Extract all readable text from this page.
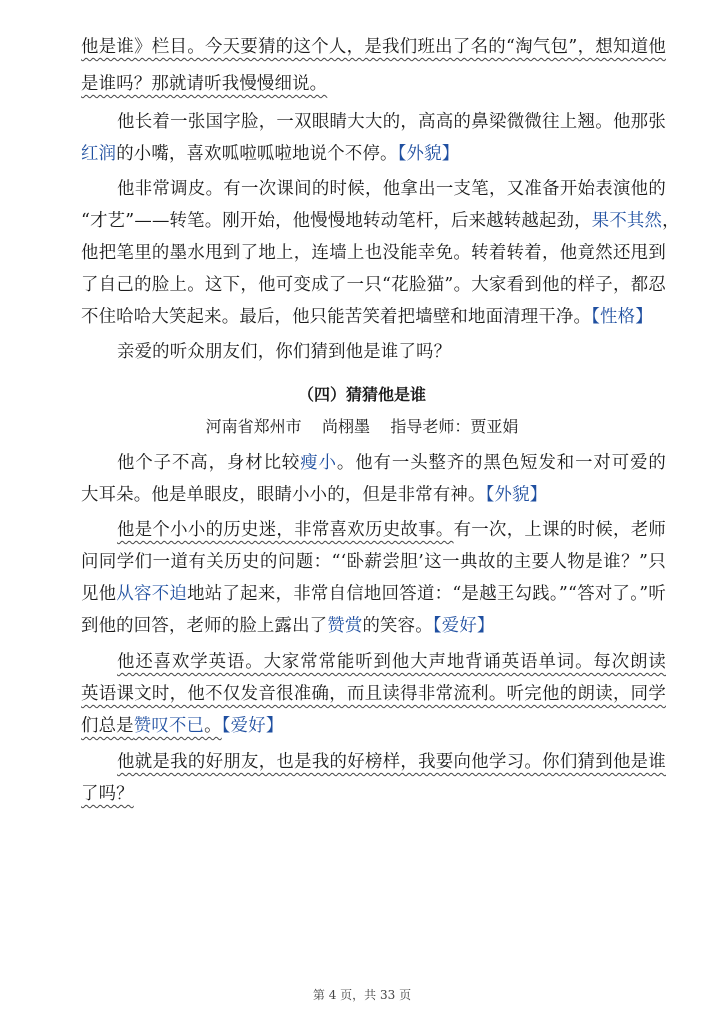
他是谁》栏目。今天要猜的这个人，是我们班出了名的“淘气包”，想知道他
是谁吗？那就请听我慢慢细说。
他长着一张国字脸，一双眼睛大大的，高高的鼻梁微微往上翘。他那张
红润的小嘴，喜欢呱啦呱啦地说个不停。【外貌】
他非常调皮。有一次课间的时候，他拿出一支笔，又准备开始表演他的
“才艺”——转笔。刚开始，他慢慢地转动笔杆，后来越转越起劲，果不其然，
他把笔里的墨水甩到了地上，连墙上也没能幸免。转着转着，他竟然还甩到
了自己的脸上。这下，他可变成了一只“花脸猫”。大家看到他的样子，都忍
不住哈哈大笑起来。最后，他只能苦笑着把墙壁和地面清理干净。【性格】
亲爱的听众朋友们，你们猜到他是谁了吗？
（四）猜猜他是谁
河南省郑州市 尚栩墨 指导老师：贾亚娟
他个子不高，身材比较瘦小。他有一头整齐的黑色短发和一对可爱的
大耳朵。他是单眼皮，眼睛小小的，但是非常有神。【外貌】
他是个小小的历史迷，非常喜欢历史故事。有一次，上课的时候，老师
问同学们一道有关历史的问题：“‘卧薪尝胆’这一典故的主要人物是谁？”只
见他从容不迫地站了起来，非常自信地回答道：“是越王勾践。”“答对了。”听
到他的回答，老师的脸上露出了赞赏的笑容。【爱好】
他还喜欢学英语。大家常常能听到他大声地背诵英语单词。每次朗读
英语课文时，他不仅发音很准确，而且读得非常流利。听完他的朗读，同学
们总是赞叹不已。【爱好】
他就是我的好朋友，也是我的好榜样，我要向他学习。你们猜到他是谁
了吗？
第 4 页，共 33 页
